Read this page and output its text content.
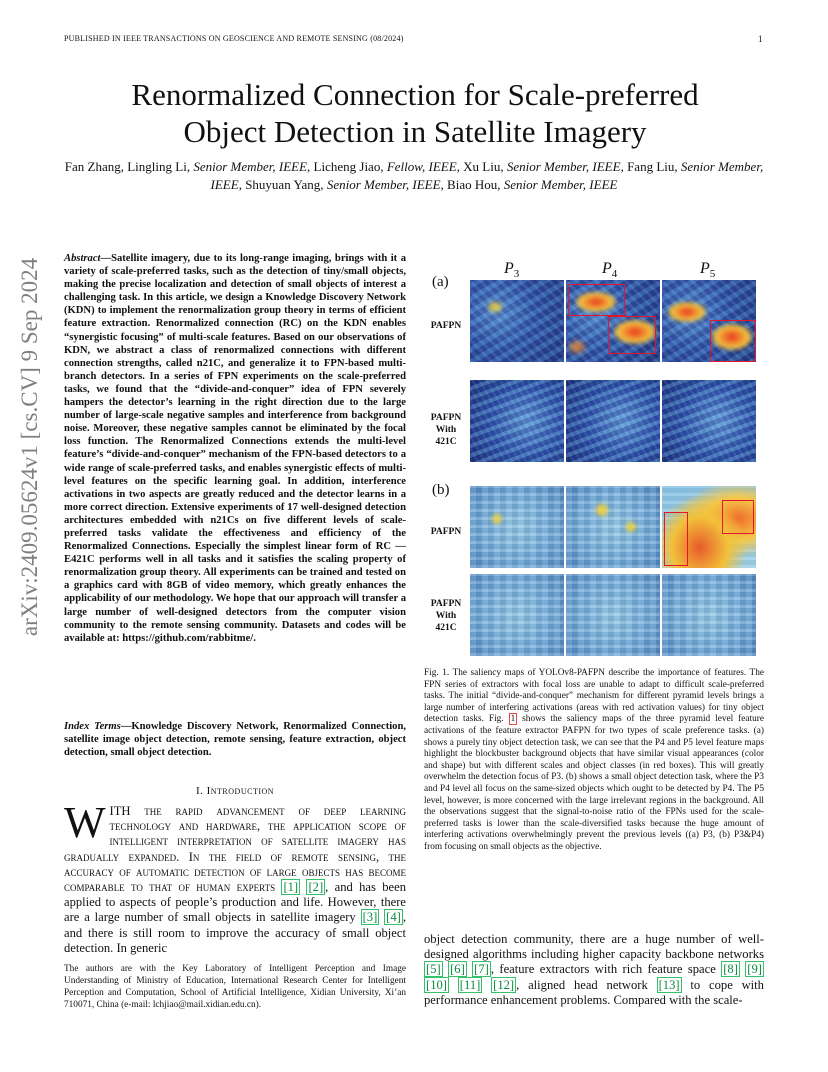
PUBLISHED IN IEEE TRANSACTIONS ON GEOSCIENCE AND REMOTE SENSING (08/2024)	1
arXiv:2409.05624v1 [cs.CV] 9 Sep 2024
Renormalized Connection for Scale-preferred
Object Detection in Satellite Imagery
Fan Zhang, Lingling Li, Senior Member, IEEE, Licheng Jiao, Fellow, IEEE, Xu Liu, Senior Member, IEEE, Fang Liu, Senior Member, IEEE, Shuyuan Yang, Senior Member, IEEE, Biao Hou, Senior Member, IEEE
Abstract—Satellite imagery, due to its long-range imaging, brings with it a variety of scale-preferred tasks, such as the detection of tiny/small objects, making the precise localization and detection of small objects of interest a challenging task. In this article, we design a Knowledge Discovery Network (KDN) to implement the renormalization group theory in terms of efficient feature extraction. Renormalized connection (RC) on the KDN enables “synergistic focusing” of multi-scale features. Based on our observations of KDN, we abstract a class of renormalized connections with different connection strengths, called n21C, and generalize it to FPN-based multi-branch detectors. In a series of FPN experiments on the scale-preferred tasks, we found that the “divide-and-conquer” idea of FPN severely hampers the detector’s learning in the right direction due to the large number of large-scale negative samples and interference from background noise. Moreover, these negative samples cannot be eliminated by the focal loss function. The Renormalized Connections extends the multi-level feature’s “divide-and-conquer” mechanism of the FPN-based detectors to a wide range of scale-preferred tasks, and enables synergistic effects of multi-level features on the specific learning goal. In addition, interference activations in two aspects are greatly reduced and the detector learns in a more correct direction. Extensive experiments of 17 well-designed detection architectures embedded with n21Cs on five different levels of scale-preferred tasks validate the effectiveness and efficiency of the Renormalized Connections. Especially the simplest linear form of RC — E421C performs well in all tasks and it satisfies the scaling property of renormalization group theory. All experiments can be trained and tested on a graphics card with 8GB of video memory, which greatly enhances the applicability of our methodology. We hope that our approach will transfer a large number of well-designed detectors from the computer vision community to the remote sensing community. Datasets and codes will be available at: https://github.com/rabbitme/.
Index Terms—Knowledge Discovery Network, Renormalized Connection, satellite image object detection, remote sensing, feature extraction, object detection, small object detection.
I. Introduction
WITH the rapid advancement of deep learning technology and hardware, the application scope of intelligent interpretation of satellite imagery has gradually expanded. In the field of remote sensing, the accuracy of automatic detection of large objects has become comparable to that of human experts [1] [2] , and has been applied to aspects of people’s production and life. However, there are a large number of small objects in satellite imagery [3] [4] , and there is still room to improve the accuracy of small object detection. In generic
The authors are with the Key Laboratory of Intelligent Perception and Image Understanding of Ministry of Education, International Research Center for Intelligent Perception and Computation, School of Artificial Intelligence, Xidian University, Xi’an 710071, China (e-mail: lchjiao@mail.xidian.edu.cn).
$P_3$	$P_4$	$P_5$
(a)
(b)
PAFPN
PAFPN
With
421C
PAFPN
PAFPN
With
421C
Fig. 1. The saliency maps of YOLOv8-PAFPN describe the importance of features. The FPN series of extractors with focal loss are unable to adapt to difficult scale-preferred tasks. The initial “divide-and-conquer” mechanism for different pyramid levels brings a large number of interfering activations (areas with red activation values) for tiny object detection tasks. Fig. 1 shows the saliency maps of the three pyramid level feature activations of the feature extractor PAFPN for two types of scale preference tasks. (a) shows a purely tiny object detection task, we can see that the P4 and P5 level feature maps highlight the blockbuster background objects that have similar visual appearances (color and shape) but with different scales and object classes (in red boxes). This will greatly overwhelm the detection focus of P3. (b) shows a small object detection task, where the P3 and P4 level all focus on the same-sized objects which ought to be detected by P4. The P5 level, however, is more concerned with the large irrelevant regions in the background. All the observations suggest that the signal-to-noise ratio of the FPNs used for the scale-preferred tasks is lower than the scale-diversified tasks because the huge amount of interfering activations overwhelmingly prevent the previous levels ((a) P3, (b) P3&P4) from focusing on small objects as the objective.
object detection community, there are a huge number of well-designed algorithms including higher capacity backbone networks [5] [6] [7] , feature extractors with rich feature space [8] [9] [10] [11] [12] , aligned head network [13] to cope with performance enhancement problems. Compared with the scale-
